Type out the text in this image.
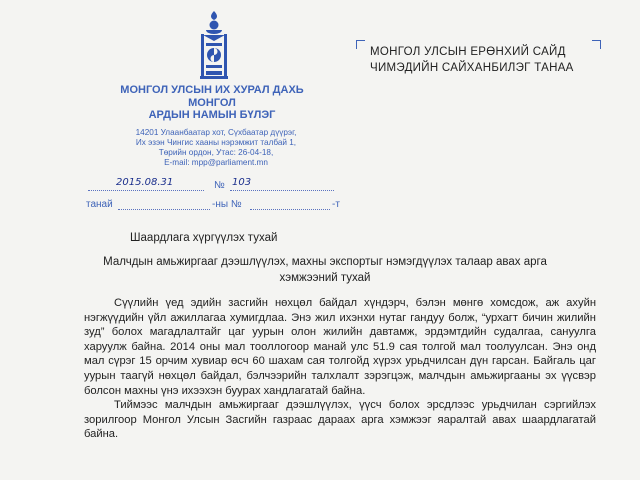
МОНГОЛ УЛСЫН ИХ ХУРАЛ ДАХЬ
МОНГОЛ
АРДЫН НАМЫН БҮЛЭГ
14201 Улаанбаатар хот, Сүхбаатар дүүрэг,
Их эзэн Чингис хааны нэрэмжит талбай 1,
Төрийн ордон, Утас: 26-04-18,
E-mail: mpp@parliament.mn
2015.08.31	№ 103
танай	-ны №	-т
МОНГОЛ УЛСЫН ЕРӨНХИЙ САЙД
ЧИМЭДИЙН САЙХАНБИЛЭГ ТАНАА
Шаардлага хүргүүлэх тухай
Малчдын амьжиргааг дээшлүүлэх, махны экспортыг нэмэгдүүлэх талаар авах арга
хэмжээний тухай

Сүүлийн үед эдийн засгийн нөхцөл байдал хүндэрч, бэлэн мөнгө хомсдож, аж ахуйн нэгжүүдийн үйл ажиллагаа хумигдлаа. Энэ жил ихэнхи нутаг гандуу болж, “урхагт бичин жилийн зуд” болох магадлалтайг цаг уурын олон жилийн давтамж, эрдэмтдийн судалгаа, сануулга харуулж байна. 2014 оны мал тооллогоор манай улс 51.9 сая толгой мал тоолуулсан. Энэ онд мал сүрэг 15 орчим хувиар өсч 60 шахам сая толгойд хүрэх урьдчилсан дүн гарсан. Байгаль цаг уурын таагүй нөхцөл байдал, бэлчээрийн талхлалт зэрэгцэж, малчдын амьжиргааны эх үүсвэр болсон махны үнэ ихээхэн буурах хандлагатай байна.

Тиймээс малчдын амьжиргааг дээшлүүлэх, үүсч болох эрсдлээс урьдчилан сэргийлэх зорилгоор Монгол Улсын Засгийн газраас дараах арга хэмжээг яаралтай авах шаардлагатай байна.
